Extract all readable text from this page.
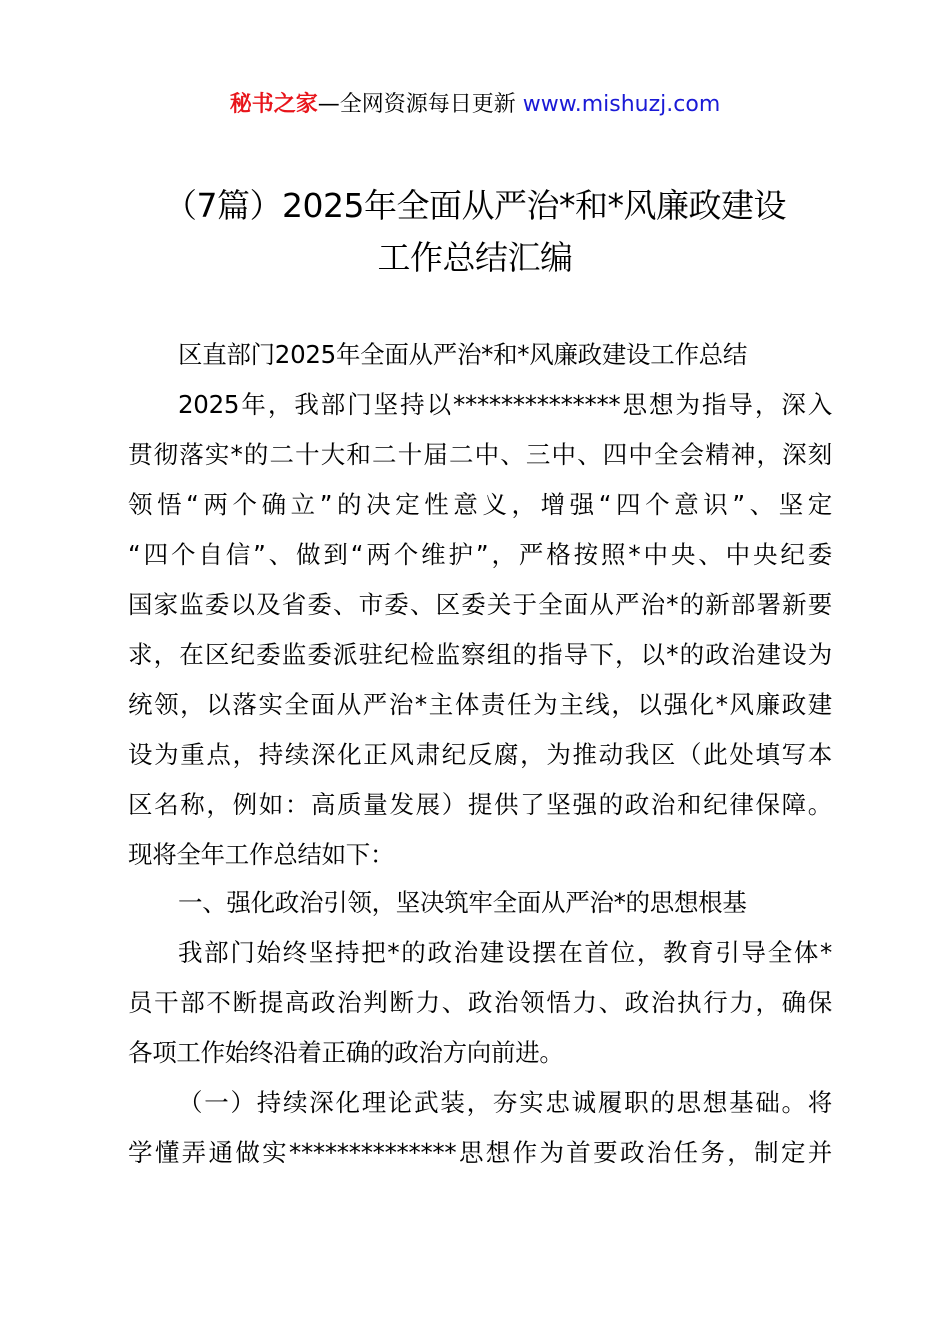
秘书之家—全网资源每日更新 www.mishuzj.com
（7篇）2025年全面从严治*和*风廉政建设
工作总结汇编
区直部门2025年全面从严治*和*风廉政建设工作总结
2025年，我部门坚持以**************思想为指导，深入
贯彻落实*的二十大和二十届二中、三中、四中全会精神，深刻
领悟“两个确立”的决定性意义，增强“四个意识”、坚定
“四个自信”、做到“两个维护”，严格按照*中央、中央纪委
国家监委以及省委、市委、区委关于全面从严治*的新部署新要
求，在区纪委监委派驻纪检监察组的指导下，以*的政治建设为
统领，以落实全面从严治*主体责任为主线，以强化*风廉政建
设为重点，持续深化正风肃纪反腐，为推动我区（此处填写本
区名称，例如：高质量发展）提供了坚强的政治和纪律保障。
现将全年工作总结如下：
一、强化政治引领，坚决筑牢全面从严治*的思想根基
我部门始终坚持把*的政治建设摆在首位，教育引导全体*
员干部不断提高政治判断力、政治领悟力、政治执行力，确保
各项工作始终沿着正确的政治方向前进。
（一）持续深化理论武装，夯实忠诚履职的思想基础。将
学懂弄通做实**************思想作为首要政治任务，制定并
